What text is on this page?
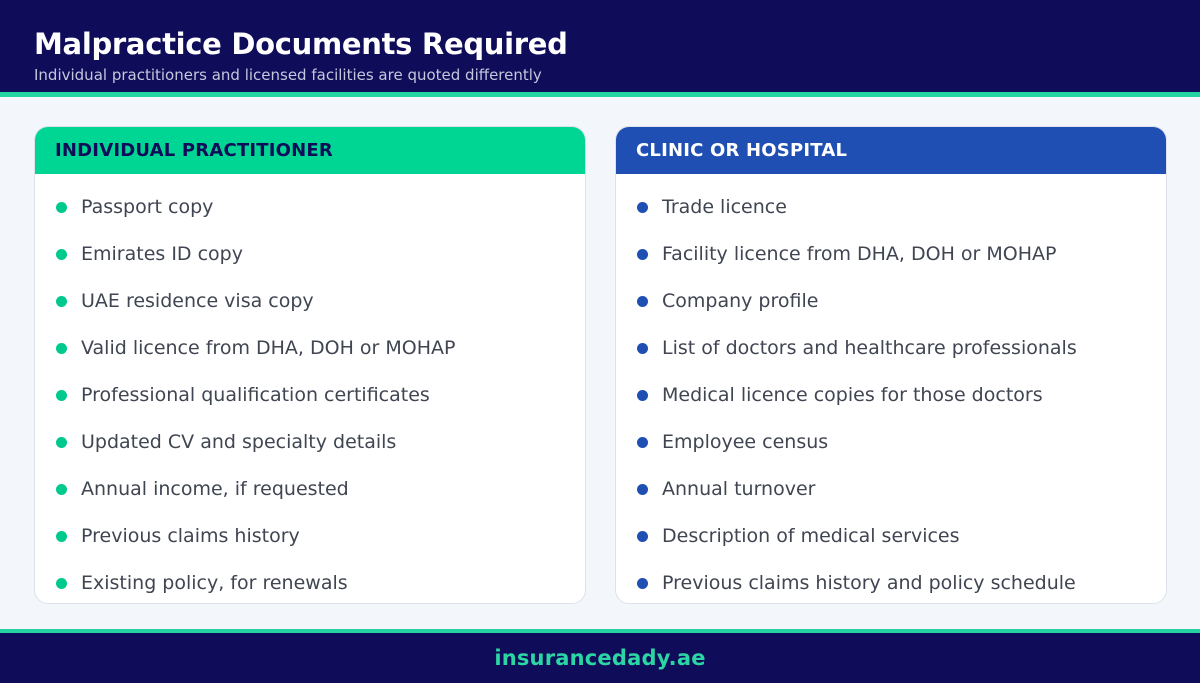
Malpractice Documents Required
Individual practitioners and licensed facilities are quoted differently
INDIVIDUAL PRACTITIONER
Passport copy
Emirates ID copy
UAE residence visa copy
Valid licence from DHA, DOH or MOHAP
Professional qualification certificates
Updated CV and specialty details
Annual income, if requested
Previous claims history
Existing policy, for renewals
CLINIC OR HOSPITAL
Trade licence
Facility licence from DHA, DOH or MOHAP
Company profile
List of doctors and healthcare professionals
Medical licence copies for those doctors
Employee census
Annual turnover
Description of medical services
Previous claims history and policy schedule
insurancedady.ae
